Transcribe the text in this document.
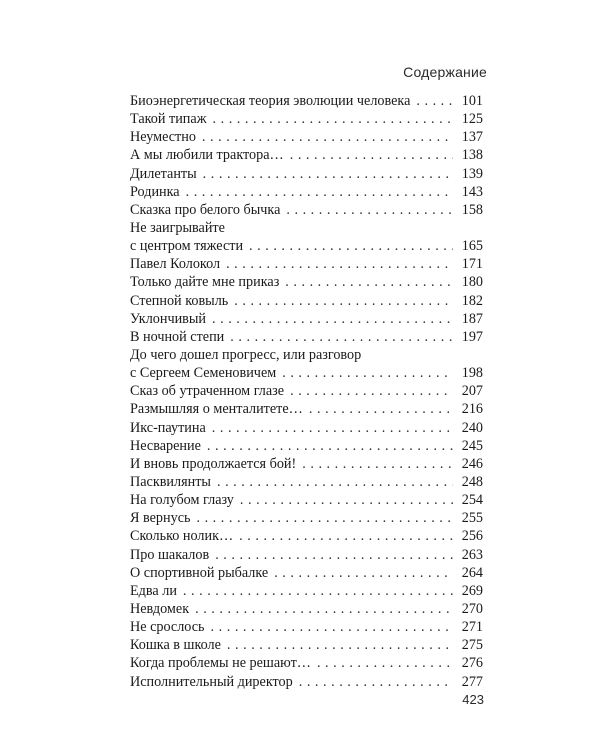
Содержание
Биоэнергетическая теория эволюции человека . . .	101
Такой типаж . . .	125
Неуместно . . .	137
А мы любили трактора… . . .	138
Дилетанты . . .	139
Родинка . . .	143
Сказка про белого бычка . . .	158
Не заигрывайте
с центром тяжести . . .	165
Павел Колокол . . .	171
Только дайте мне приказ . . .	180
Степной ковыль . . .	182
Уклончивый . . .	187
В ночной степи . . .	197
До чего дошел прогресс, или разговор
с Сергеем Семеновичем . . .	198
Сказ об утраченном глазе . . .	207
Размышляя о менталитете… . . .	216
Икс-паутина . . .	240
Несварение . . .	245
И вновь продолжается бой! . . .	246
Пасквилянты . . .	248
На голубом глазу . . .	254
Я вернусь . . .	255
Сколько нолик… . . .	256
Про шакалов . . .	263
О спортивной рыбалке . . .	264
Едва ли . . .	269
Невдомек . . .	270
Не срослось . . .	271
Кошка в школе . . .	275
Когда проблемы не решают… . . .	276
Исполнительный директор . . .	277
423
